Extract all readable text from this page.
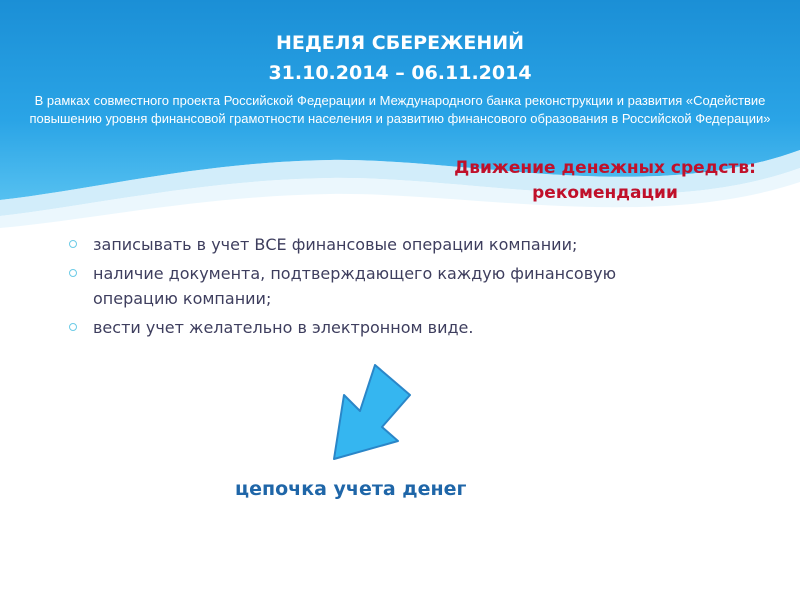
НЕДЕЛЯ СБЕРЕЖЕНИЙ
31.10.2014 – 06.11.2014
В рамках совместного проекта Российской Федерации и Международного банка реконструкции и развития «Содействие повышению уровня финансовой грамотности населения и развитию финансового образования в Российской Федерации»
Движение денежных средств:
рекомендации
записывать в учет ВСЕ финансовые операции компании;
наличие документа, подтверждающего каждую финансовую операцию компании;
вести учет желательно в электронном виде.
цепочка учета денег
